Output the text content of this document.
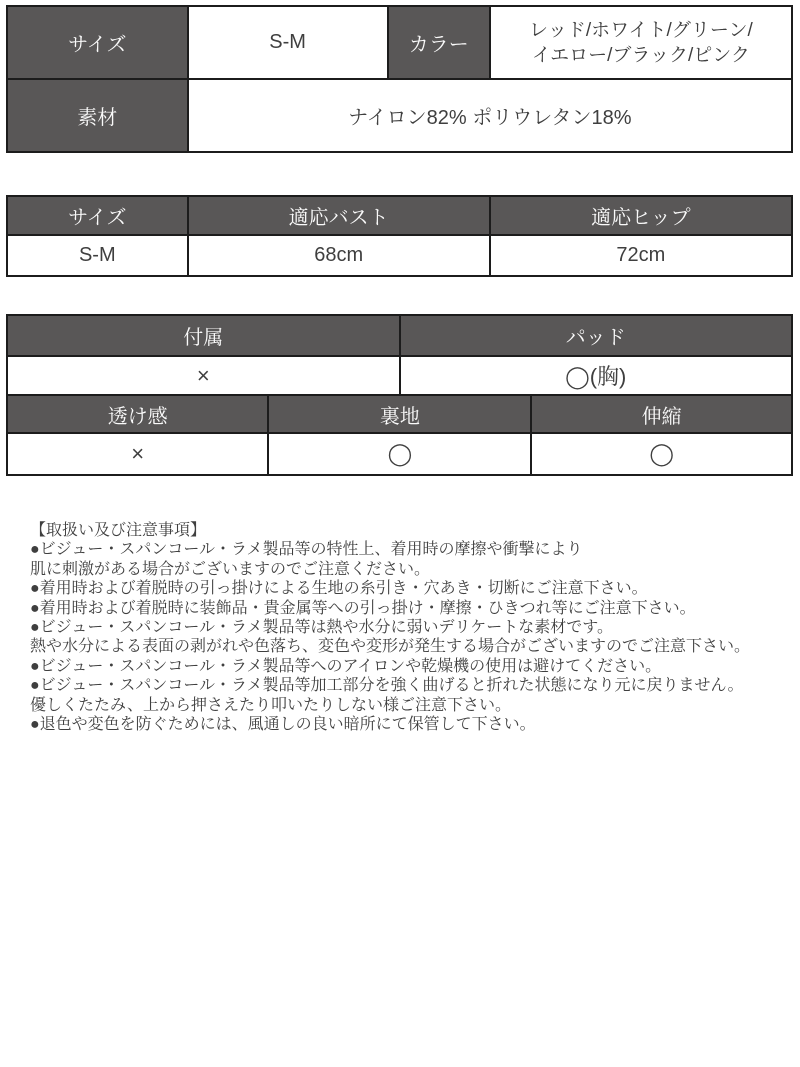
サイズ	S-M	カラー	レッド/ホワイト/グリーン/
イエロー/ブラック/ピンク

素材	ナイロン82% ポリウレタン18%		
サイズ	適応バスト	適応ヒップ
S-M	68cm	72cm
付属	パッド
×	◯(胸)
透け感	裏地	伸縮
×	◯	◯
【取扱い及び注意事項】
●ビジュー・スパンコール・ラメ製品等の特性上、着用時の摩擦や衝撃により
肌に刺激がある場合がございますのでご注意ください。
●着用時および着脱時の引っ掛けによる生地の糸引き・穴あき・切断にご注意下さい。
●着用時および着脱時に装飾品・貴金属等への引っ掛け・摩擦・ひきつれ等にご注意下さい。
●ビジュー・スパンコール・ラメ製品等は熱や水分に弱いデリケートな素材です。
熱や水分による表面の剥がれや色落ち、変色や変形が発生する場合がございますのでご注意下さい。
●ビジュー・スパンコール・ラメ製品等へのアイロンや乾燥機の使用は避けてください。
●ビジュー・スパンコール・ラメ製品等加工部分を強く曲げると折れた状態になり元に戻りません。
優しくたたみ、上から押さえたり叩いたりしない様ご注意下さい。
●退色や変色を防ぐためには、風通しの良い暗所にて保管して下さい。
